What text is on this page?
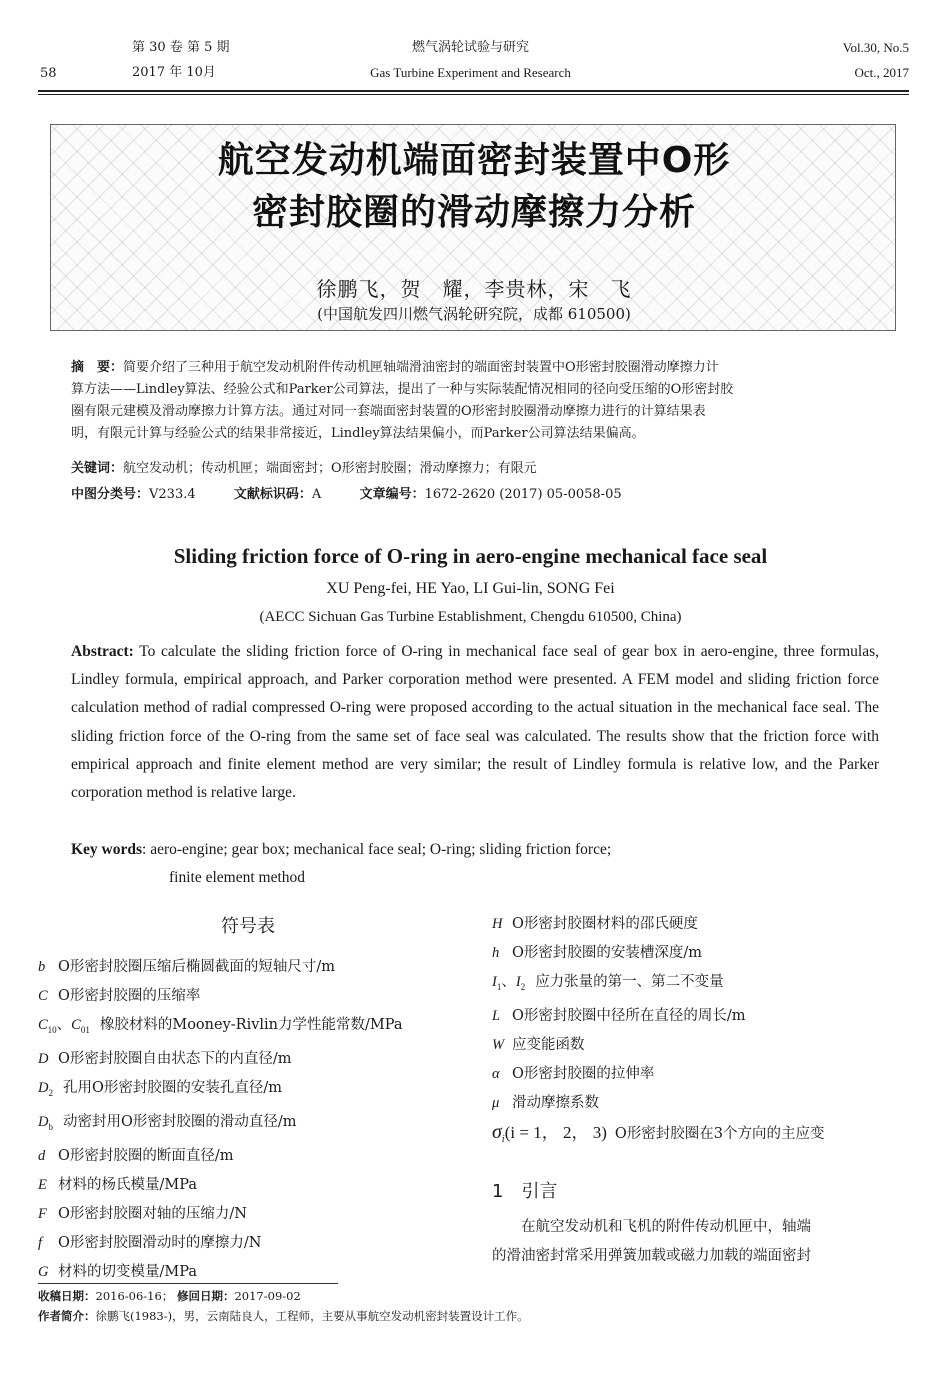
58
第 30 卷 第 5 期
2017 年 10月
燃气涡轮试验与研究
Gas Turbine Experiment and Research
Vol.30, No.5
Oct., 2017
航空发动机端面密封装置中O形
密封胶圈的滑动摩擦力分析
徐鹏飞，贺　耀，李贵林，宋　飞
(中国航发四川燃气涡轮研究院，成都 610500)
摘　要：简要介绍了三种用于航空发动机附件传动机匣轴端滑油密封的端面密封装置中O形密封胶圈滑动摩擦力计
算方法——Lindley算法、经验公式和Parker公司算法，提出了一种与实际装配情况相同的径向受压缩的O形密封胶
圈有限元建模及滑动摩擦力计算方法。通过对同一套端面密封装置的O形密封胶圈滑动摩擦力进行的计算结果表
明，有限元计算与经验公式的结果非常接近，Lindley算法结果偏小，而Parker公司算法结果偏高。
关键词：航空发动机；传动机匣；端面密封；O形密封胶圈；滑动摩擦力；有限元
中图分类号：V233.4	文献标识码：A	文章编号：1672-2620 (2017) 05-0058-05
Sliding friction force of O-ring in aero-engine mechanical face seal
XU Peng-fei, HE Yao, LI Gui-lin, SONG Fei
(AECC Sichuan Gas Turbine Establishment, Chengdu 610500, China)
Abstract: To calculate the sliding friction force of O-ring in mechanical face seal of gear box in aero-engine, three formulas, Lindley formula, empirical approach, and Parker corporation method were presented. A FEM model and sliding friction force calculation method of radial compressed O-ring were proposed according to the actual situation in the mechanical face seal. The sliding friction force of the O-ring from the same set of face seal was calculated. The results show that the friction force with empirical approach and finite element method are very similar; the result of Lindley formula is relative low, and the Parker corporation method is relative large.
Key words: aero-engine; gear box; mechanical face seal; O-ring; sliding friction force;
finite element method
符号表
b O形密封胶圈压缩后椭圆截面的短轴尺寸/m
C O形密封胶圈的压缩率
$C_{10}$、$C_{01}$ 橡胶材料的Mooney-Rivlin力学性能常数/MPa
D O形密封胶圈自由状态下的内直径/m
$D_2$ 孔用O形密封胶圈的安装孔直径/m
$D_b$ 动密封用O形密封胶圈的滑动直径/m
d O形密封胶圈的断面直径/m
E 材料的杨氏模量/MPa
F O形密封胶圈对轴的压缩力/N
f O形密封胶圈滑动时的摩擦力/N
G 材料的切变模量/MPa
H O形密封胶圈材料的邵氏硬度
h O形密封胶圈的安装槽深度/m
$I_1$、$I_2$ 应力张量的第一、第二不变量
L O形密封胶圈中径所在直径的周长/m
W 应变能函数
α O形密封胶圈的拉伸率
μ 滑动摩擦系数
$\sigma_i(i = 1$， 2， 3) O形密封胶圈在3个方向的主应变
1　引言
在航空发动机和飞机的附件传动机匣中，轴端
的滑油密封常采用弹簧加载或磁力加载的端面密封
收稿日期：2016-06-16； 修回日期：2017-09-02
作者简介：徐鹏飞(1983-)，男，云南陆良人，工程师，主要从事航空发动机密封装置设计工作。
